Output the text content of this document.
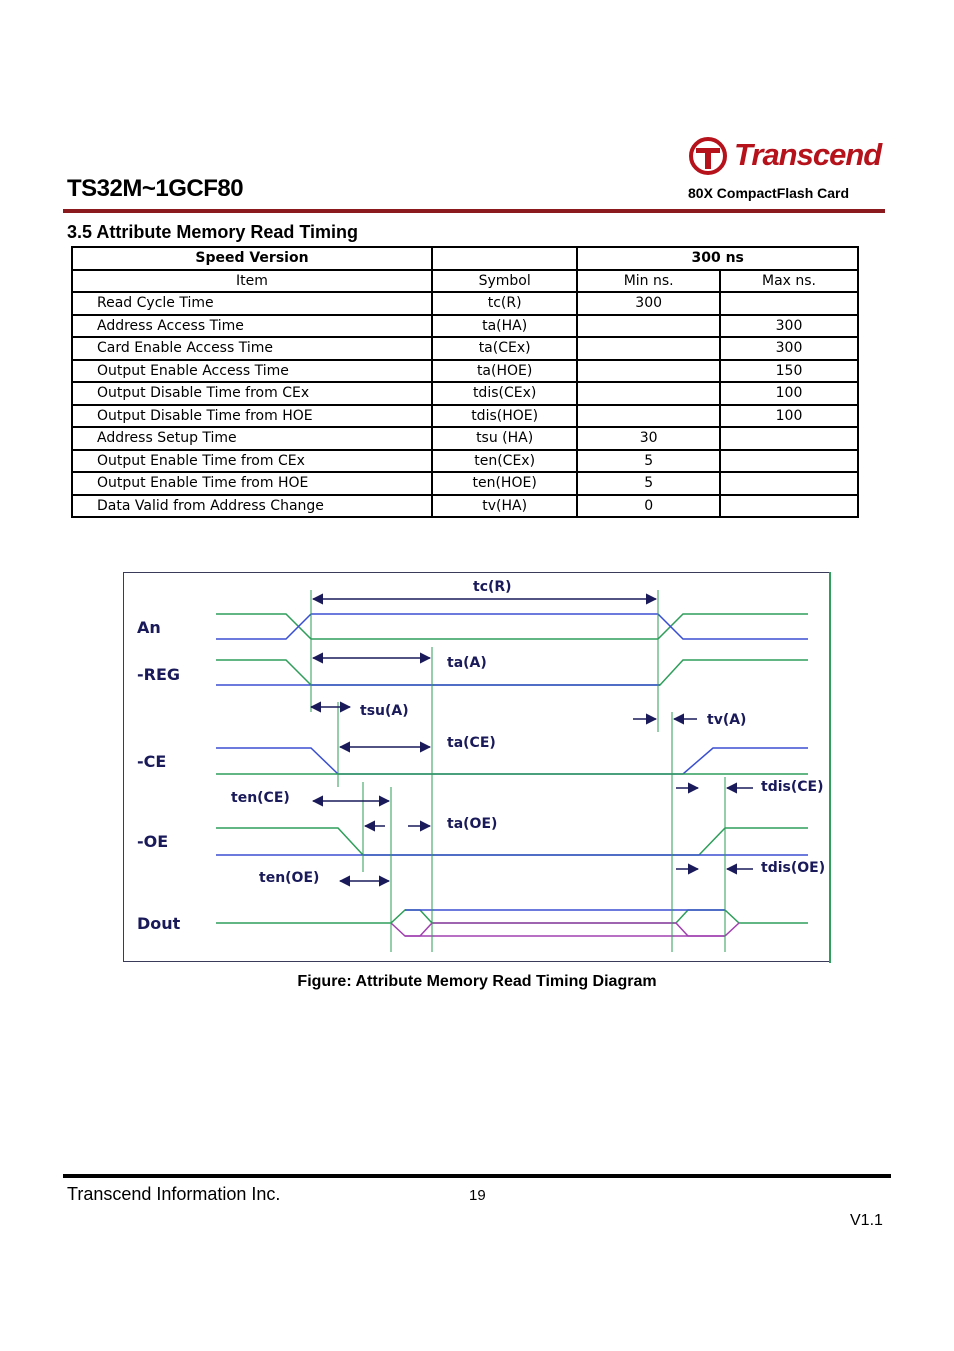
Transcend
TS32M~1GCF80	80X CompactFlash Card
3.5 Attribute Memory Read Timing
Speed Version		300 ns	
Item	Symbol	Min ns.	Max ns.
Read Cycle Time	tc(R)	300	
Address Access Time	ta(HA)		300
Card Enable Access Time	ta(CEx)		300
Output Enable Access Time	ta(HOE)		150
Output Disable Time from CEx	tdis(CEx)		100
Output Disable Time from HOE	tdis(HOE)		100
Address Setup Time	tsu (HA)	30	
Output Enable Time from CEx	ten(CEx)	5	
Output Enable Time from HOE	ten(HOE)	5	
Data Valid from Address Change	tv(HA)	0	
An
-REG
-CE
-OE
Dout
tc(R)
ta(A)
tsu(A)
tv(A)
ta(CE)
ten(CE)
tdis(CE)
ta(OE)
ten(OE)
tdis(OE)
Figure: Attribute Memory Read Timing Diagram
Transcend Information Inc.	19
V1.1
